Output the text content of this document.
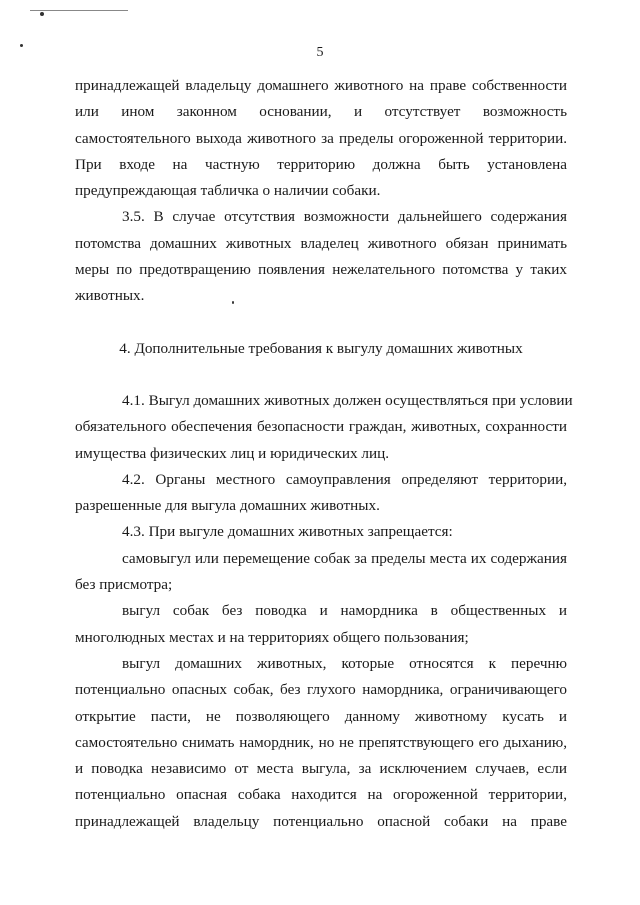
5

принадлежащей владельцу домашнего животного на праве собственности
или ином законном основании, и отсутствует возможность
самостоятельного выхода животного за пределы огороженной территории.
При входе на частную территорию должна быть установлена
предупреждающая табличка о наличии собаки.

3.5. В случае отсутствия возможности дальнейшего содержания
потомства домашних животных владелец животного обязан принимать
меры по предотвращению появления нежелательного потомства у таких
животных.

4. Дополнительные требования к выгулу домашних животных

4.1. Выгул домашних животных должен осуществляться при условии
обязательного обеспечения безопасности граждан, животных, сохранности
имущества физических лиц и юридических лиц.

4.2. Органы местного самоуправления определяют территории,
разрешенные для выгула домашних животных.

4.3. При выгуле домашних животных запрещается:

самовыгул или перемещение собак за пределы места их содержания
без присмотра;

выгул собак без поводка и намордника в общественных и
многолюдных местах и на территориях общего пользования;

выгул домашних животных, которые относятся к перечню
потенциально опасных собак, без глухого намордника, ограничивающего
открытие пасти, не позволяющего данному животному кусать и
самостоятельно снимать намордник, но не препятствующего его дыханию,
и поводка независимо от места выгула, за исключением случаев, если
потенциально опасная собака находится на огороженной территории,
принадлежащей владельцу потенциально опасной собаки на праве
